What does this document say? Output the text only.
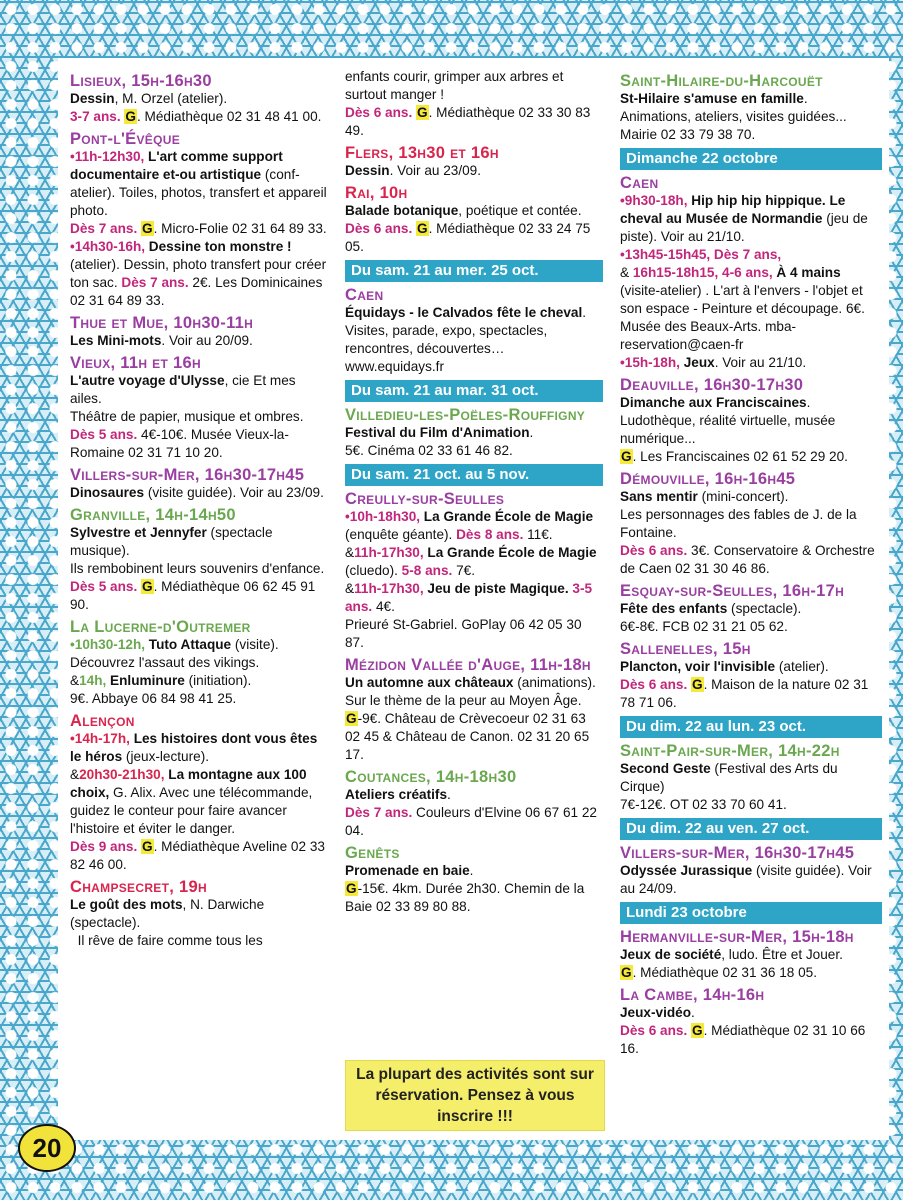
Lisieux, 15h-16h30

Dessin, M. Orzel (atelier).
3-7 ans. G. Médiathèque 02 31 48 41 00.

Pont-l'Évêque

•11h-12h30, L'art comme support documentaire et-ou artistique (conf-atelier). Toiles, photos, transfert et appareil photo.
Dès 7 ans. G. Micro-Folie 02 31 64 89 33.

•14h30-16h, Dessine ton monstre ! (atelier). Dessin, photo transfert pour créer ton sac. Dès 7 ans. 2€. Les Dominicaines 02 31 64 89 33.

Thue et Mue, 10h30-11h

Les Mini-mots. Voir au 20/09.

Vieux, 11h et 16h

L'autre voyage d'Ulysse, cie Et mes ailes.
Théâtre de papier, musique et ombres.
Dès 5 ans. 4€-10€. Musée Vieux-la-Romaine 02 31 71 10 20.

Villers-sur-Mer, 16h30-17h45

Dinosaures (visite guidée). Voir au 23/09.

Granville, 14h-14h50

Sylvestre et Jennyfer (spectacle musique).
Ils rembobinent leurs souvenirs d'enfance.
Dès 5 ans. G. Médiathèque 06 62 45 91 90.

La Lucerne-d'Outremer

•10h30-12h, Tuto Attaque (visite). Découvrez l'assaut des vikings.
&14h, Enluminure (initiation).
9€. Abbaye 06 84 98 41 25.

Alençon

•14h-17h, Les histoires dont vous êtes le héros (jeux-lecture).
&20h30-21h30, La montagne aux 100 choix, G. Alix. Avec une télécommande, guidez le conteur pour faire avancer l'histoire et éviter le danger.
Dès 9 ans. G. Médiathèque Aveline 02 33 82 46 00.

Champsecret, 19h

Le goût des mots, N. Darwiche (spectacle).
Il rêve de faire comme tous les

enfants courir, grimper aux arbres et surtout manger !
Dès 6 ans. G. Médiathèque 02 33 30 83 49.

Flers, 13h30 et 16h

Dessin. Voir au 23/09.

Rai, 10h

Balade botanique, poétique et contée.
Dès 6 ans. G. Médiathèque 02 33 24 75 05.

Du sam. 21 au mer. 25 oct.
Caen

Équidays - le Calvados fête le cheval.
Visites, parade, expo, spectacles, rencontres, découvertes…
www.equidays.fr

Du sam. 21 au mar. 31 oct.
Villedieu-les-Poëles-Rouffigny

Festival du Film d'Animation.
5€. Cinéma 02 33 61 46 82.

Du sam. 21 oct. au 5 nov.
Creully-sur-Seulles

•10h-18h30, La Grande École de Magie (enquête géante). Dès 8 ans. 11€.
&11h-17h30, La Grande École de Magie (cluedo). 5-8 ans. 7€.
&11h-17h30, Jeu de piste Magique. 3-5 ans. 4€.
Prieuré St-Gabriel. GoPlay 06 42 05 30 87.

Mézidon Vallée d'Auge, 11h-18h

Un automne aux châteaux (animations).
Sur le thème de la peur au Moyen Âge.
G-9€. Château de Crèvecoeur 02 31 63 02 45 & Château de Canon. 02 31 20 65 17.

Coutances, 14h-18h30

Ateliers créatifs.
Dès 7 ans. Couleurs d'Elvine 06 67 61 22 04.

Genêts

Promenade en baie.
G-15€. 4km. Durée 2h30. Chemin de la Baie 02 33 89 80 88.

La plupart des activités sont sur réservation. Pensez à vous inscrire !!!
Saint-Hilaire-du-Harcouët

St-Hilaire s'amuse en famille.
Animations, ateliers, visites guidées... Mairie 02 33 79 38 70.

Dimanche 22 octobre
Caen

•9h30-18h, Hip hip hip hippique. Le cheval au Musée de Normandie (jeu de piste). Voir au 21/10.
•13h45-15h45, Dès 7 ans,
& 16h15-18h15, 4-6 ans, À 4 mains (visite-atelier) . L'art à l'envers - l'objet et son espace - Peinture et découpage. 6€. Musée des Beaux-Arts. mba-reservation@caen-fr
•15h-18h, Jeux. Voir au 21/10.

Deauville, 16h30-17h30

Dimanche aux Franciscaines.
Ludothèque, réalité virtuelle, musée numérique...
G. Les Franciscaines 02 61 52 29 20.

Démouville, 16h-16h45

Sans mentir (mini-concert).
Les personnages des fables de J. de la Fontaine.
Dès 6 ans. 3€. Conservatoire & Orchestre de Caen 02 31 30 46 86.

Esquay-sur-Seulles, 16h-17h

Fête des enfants (spectacle).
6€-8€. FCB 02 31 21 05 62.

Sallenelles, 15h

Plancton, voir l'invisible (atelier).
Dès 6 ans. G. Maison de la nature 02 31 78 71 06.

Du dim. 22 au lun. 23 oct.
Saint-Pair-sur-Mer, 14h-22h

Second Geste (Festival des Arts du Cirque)
7€-12€. OT 02 33 70 60 41.

Du dim. 22 au ven. 27 oct.
Villers-sur-Mer, 16h30-17h45

Odyssée Jurassique (visite guidée). Voir au 24/09.

Lundi 23 octobre
Hermanville-sur-Mer, 15h-18h

Jeux de société, ludo. Être et Jouer.
G. Médiathèque 02 31 36 18 05.

La Cambe, 14h-16h

Jeux-vidéo.
Dès 6 ans. G. Médiathèque 02 31 10 66 16.

20
